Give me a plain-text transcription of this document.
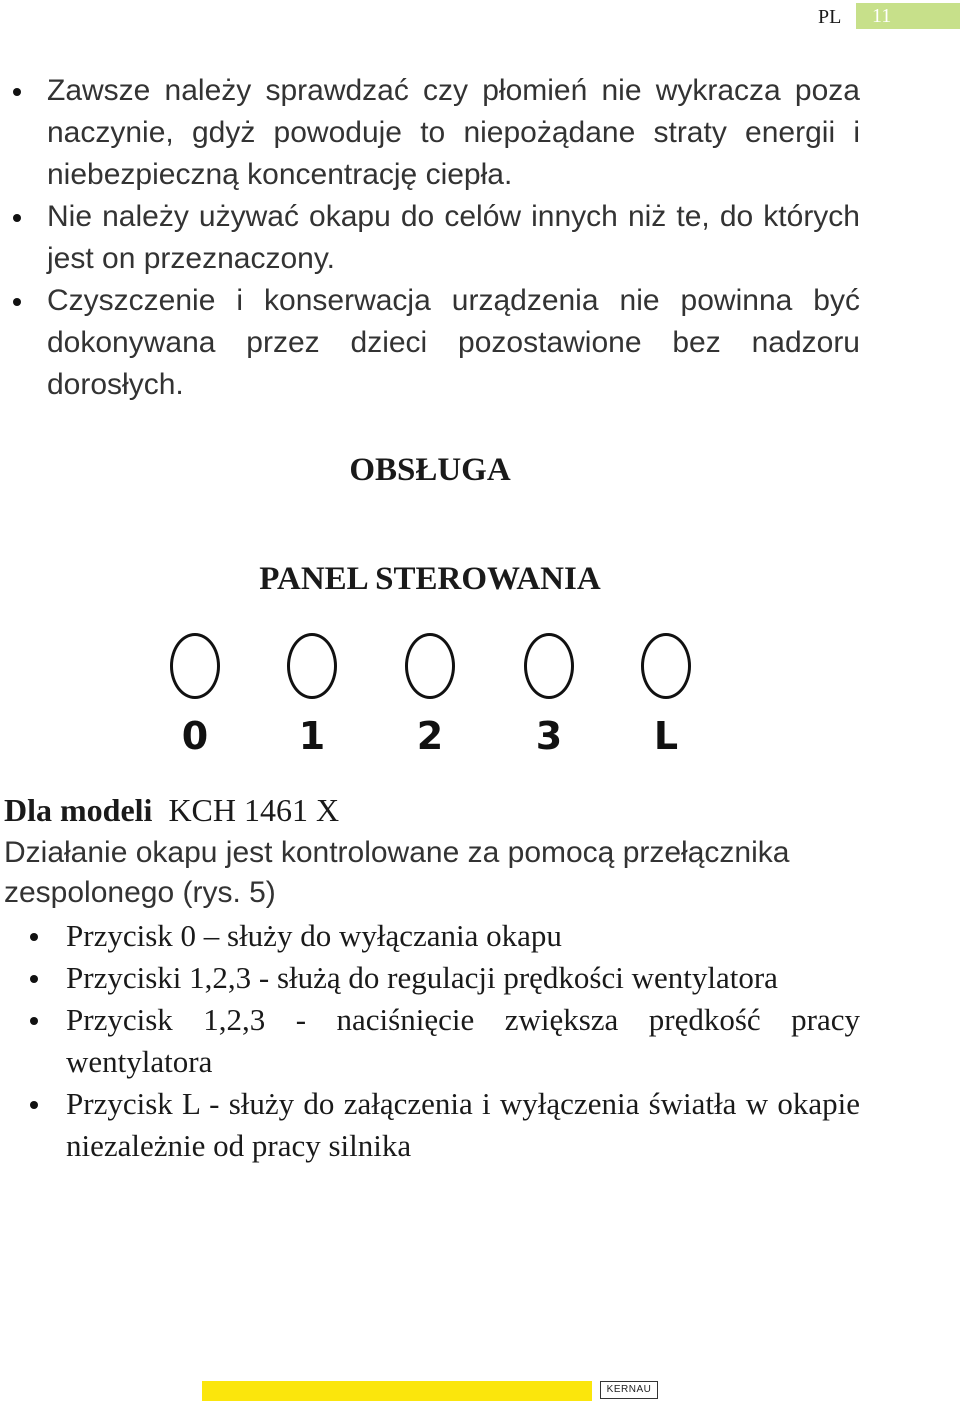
PL	11
Zawsze należy sprawdzać czy płomień nie wykracza poza naczynie, gdyż powoduje to niepożądane straty energii i niebezpieczną koncentrację ciepła.
Nie należy używać okapu do celów innych niż te, do których jest on przeznaczony.
Czyszczenie i konserwacja urządzenia nie powinna być dokonywana przez dzieci pozostawione bez nadzoru dorosłych.
OBSŁUGA
PANEL STEROWANIA
0	1	2	3	L
Dla modeli KCH 1461 X
Działanie okapu jest kontrolowane za pomocą przełącznika zespolonego (rys. 5)
Przycisk 0 – służy do wyłączania okapu
Przyciski 1,2,3 - służą do regulacji prędkości wentylatora
Przycisk 1,2,3 - naciśnięcie zwiększa prędkość pracy wentylatora
Przycisk L - służy do załączenia i wyłączenia światła w okapie niezależnie od pracy silnika
KERNAU
